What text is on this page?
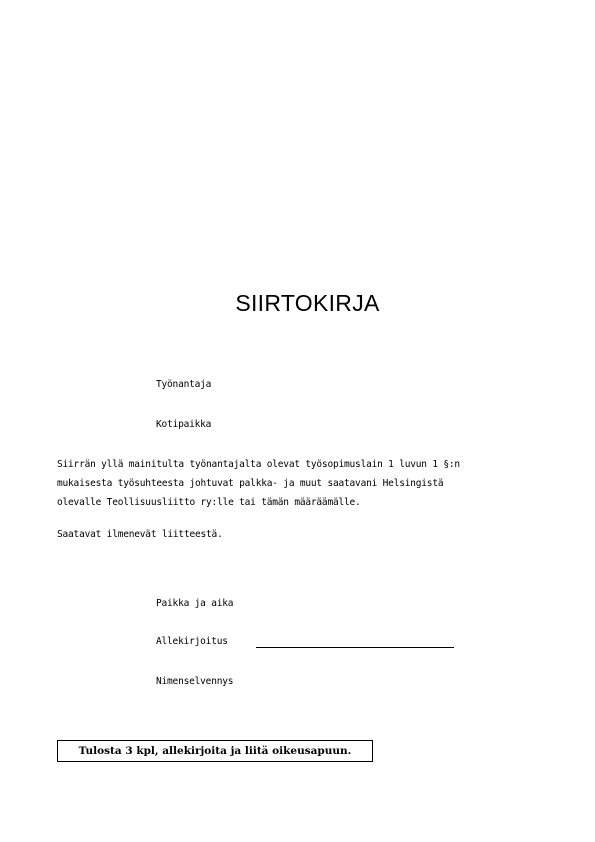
SIIRTOKIRJA
Työnantaja
Kotipaikka
Siirrän yllä mainitulta työnantajalta olevat työsopimuslain 1 luvun 1 §:n
mukaisesta työsuhteesta johtuvat palkka- ja muut saatavani Helsingistä
olevalle Teollisuusliitto ry:lle tai tämän määräämälle.
Saatavat ilmenevät liitteestä.
Paikka ja aika
Allekirjoitus
Nimenselvennys
Tulosta 3 kpl, allekirjoita ja liitä oikeusapuun.
